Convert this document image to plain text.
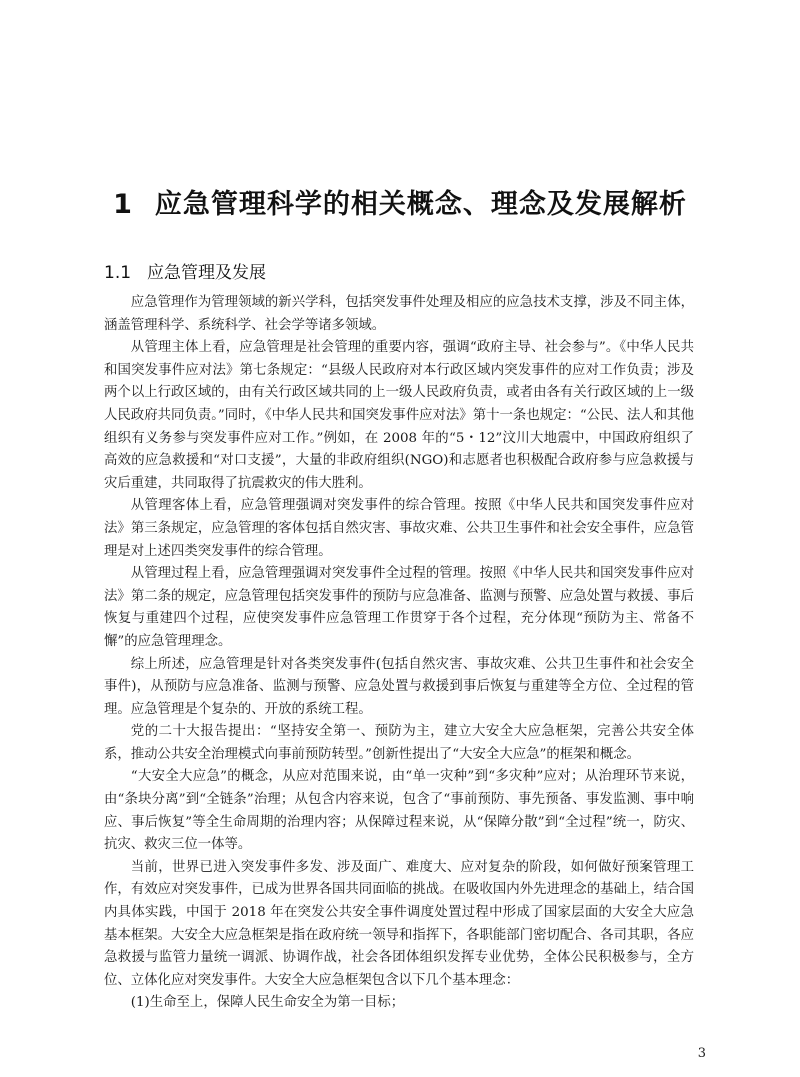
1 应急管理科学的相关概念、理念及发展解析
1.1 应急管理及发展

应急管理作为管理领域的新兴学科，包括突发事件处理及相应的应急技术支撑，涉及不同主体，涵盖管理科学、系统科学、社会学等诸多领域。

从管理主体上看，应急管理是社会管理的重要内容，强调“政府主导、社会参与”。《中华人民共和国突发事件应对法》第七条规定：“县级人民政府对本行政区域内突发事件的应对工作负责；涉及两个以上行政区域的，由有关行政区域共同的上一级人民政府负责，或者由各有关行政区域的上一级人民政府共同负责。”同时，《中华人民共和国突发事件应对法》第十一条也规定：“公民、法人和其他组织有义务参与突发事件应对工作。”例如，在 2008 年的“5・12”汶川大地震中，中国政府组织了高效的应急救援和“对口支援”，大量的非政府组织(NGO)和志愿者也积极配合政府参与应急救援与灾后重建，共同取得了抗震救灾的伟大胜利。

从管理客体上看，应急管理强调对突发事件的综合管理。按照《中华人民共和国突发事件应对法》第三条规定，应急管理的客体包括自然灾害、事故灾难、公共卫生事件和社会安全事件，应急管理是对上述四类突发事件的综合管理。

从管理过程上看，应急管理强调对突发事件全过程的管理。按照《中华人民共和国突发事件应对法》第二条的规定，应急管理包括突发事件的预防与应急准备、监测与预警、应急处置与救援、事后恢复与重建四个过程，应使突发事件应急管理工作贯穿于各个过程，充分体现“预防为主、常备不懈”的应急管理理念。

综上所述，应急管理是针对各类突发事件(包括自然灾害、事故灾难、公共卫生事件和社会安全事件)，从预防与应急准备、监测与预警、应急处置与救援到事后恢复与重建等全方位、全过程的管理。应急管理是个复杂的、开放的系统工程。

党的二十大报告提出：“坚持安全第一、预防为主，建立大安全大应急框架，完善公共安全体系，推动公共安全治理模式向事前预防转型。”创新性提出了“大安全大应急”的框架和概念。

“大安全大应急”的概念，从应对范围来说，由“单一灾种”到“多灾种”应对；从治理环节来说，由“条块分离”到“全链条”治理；从包含内容来说，包含了“事前预防、事先预备、事发监测、事中响应、事后恢复”等全生命周期的治理内容；从保障过程来说，从“保障分散”到“全过程”统一，防灾、抗灾、救灾三位一体等。

当前，世界已进入突发事件多发、涉及面广、难度大、应对复杂的阶段，如何做好预案管理工作，有效应对突发事件，已成为世界各国共同面临的挑战。在吸收国内外先进理念的基础上，结合国内具体实践，中国于 2018 年在突发公共安全事件调度处置过程中形成了国家层面的大安全大应急基本框架。大安全大应急框架是指在政府统一领导和指挥下，各职能部门密切配合、各司其职，各应急救援与监管力量统一调派、协调作战，社会各团体组织发挥专业优势，全体公民积极参与，全方位、立体化应对突发事件。大安全大应急框架包含以下几个基本理念：

(1)生命至上，保障人民生命安全为第一目标；

3
